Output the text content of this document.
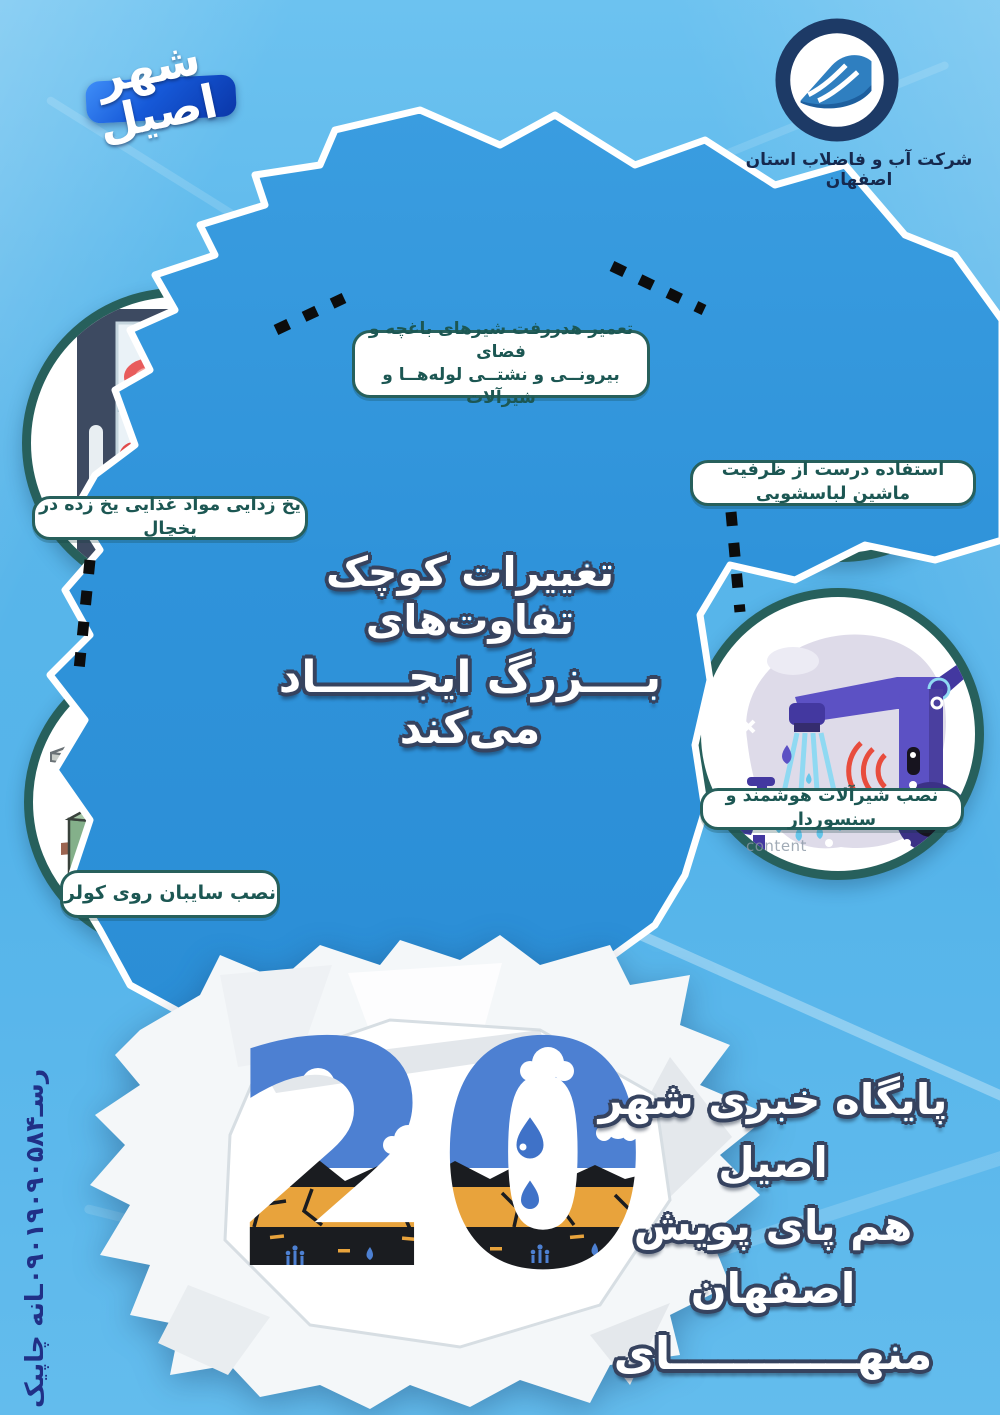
تعمیر هدررفت شیرهای باغچه و فضای
بیرونــی و نشتــی لوله‌هــا و شیرآلات
استفاده درست از ظرفیت ماشین لباسشویی
یخ زدایی مواد غذایی یخ زده در یخچال
نصب شیرآلات هوشمند و سنسوردار
content
نصب سایبان روی کولر
شهر اصیل
شرکت آب و فاضلاب استان اصفهان
تغییرات کوچک تفاوت‌های
بــــزرگ ایجــــــاد می‌کند
پایگاه خبری شهر اصیل
هم پای پویش اصفهان
منهــــــــــــای
رسـ۰۹۰۱۹۰۹۰۵۸۴ـانه چاپیک
